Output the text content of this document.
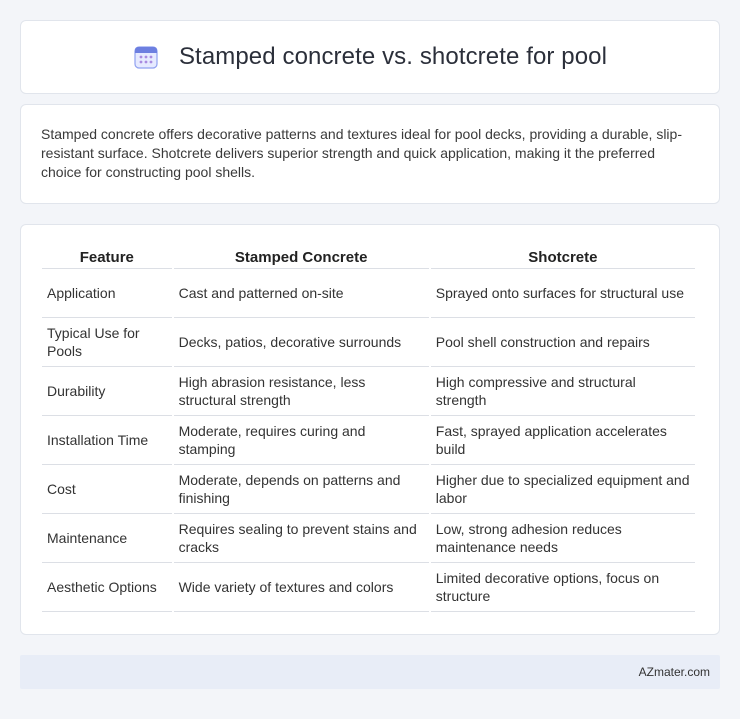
Stamped concrete vs. shotcrete for pool

Stamped concrete offers decorative patterns and textures ideal for pool decks, providing a durable, slip-resistant surface. Shotcrete delivers superior strength and quick application, making it the preferred choice for constructing pool shells.

Feature	Stamped Concrete	Shotcrete
Application	Cast and patterned on-site	Sprayed onto surfaces for structural use
Typical Use for Pools	Decks, patios, decorative surrounds	Pool shell construction and repairs
Durability	High abrasion resistance, less structural strength	High compressive and structural strength
Installation Time	Moderate, requires curing and stamping	Fast, sprayed application accelerates build
Cost	Moderate, depends on patterns and finishing	Higher due to specialized equipment and labor
Maintenance	Requires sealing to prevent stains and cracks	Low, strong adhesion reduces maintenance needs
Aesthetic Options	Wide variety of textures and colors	Limited decorative options, focus on structure
AZmater.com
